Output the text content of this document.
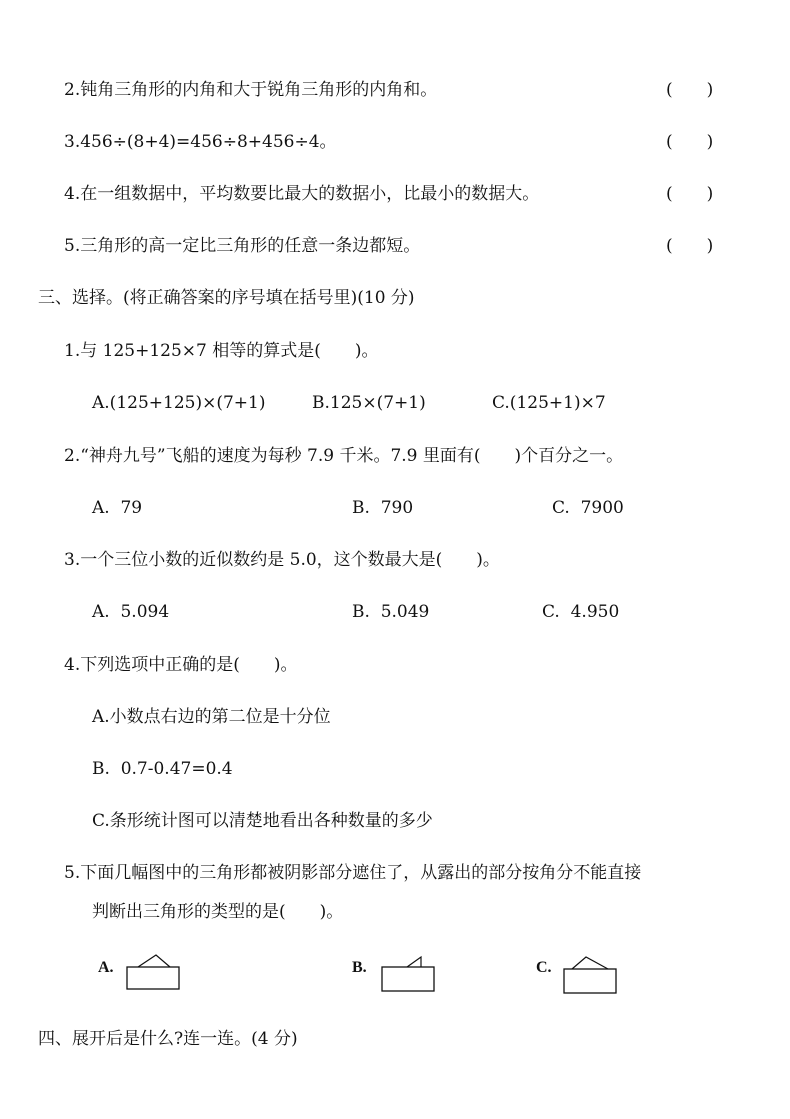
2.钝角三角形的内角和大于锐角三角形的内角和。	(　　)
3.456÷(8+4)=456÷8+456÷4。	(　　)
4.在一组数据中，平均数要比最大的数据小，比最小的数据大。	(　　)
5.三角形的高一定比三角形的任意一条边都短。	(　　)
三、选择。(将正确答案的序号填在括号里)(10 分)
1.与 125+125×7 相等的算式是(　　)。
A.(125+125)×(7+1)	B.125×(7+1)	C.(125+1)×7
2.“神舟九号”飞船的速度为每秒 7.9 千米。7.9 里面有(　　)个百分之一。
A.  79	B.  790	C.  7900
3.一个三位小数的近似数约是 5.0，这个数最大是(　　)。
A.  5.094	B.  5.049	C.  4.950
4.下列选项中正确的是(　　)。
A.小数点右边的第二位是十分位
B.  0.7-0.47=0.4
C.条形统计图可以清楚地看出各种数量的多少
5.下面几幅图中的三角形都被阴影部分遮住了，从露出的部分按角分不能直接
判断出三角形的类型的是(　　)。
A.	B.	C.
四、展开后是什么?连一连。(4 分)
